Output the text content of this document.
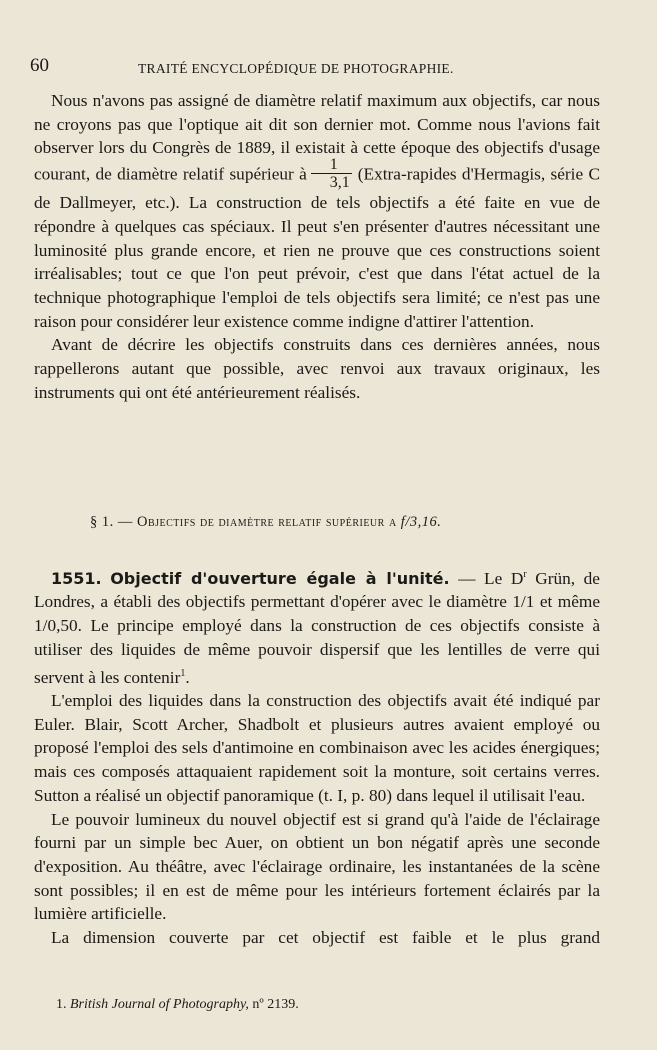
60	TRAITÉ ENCYCLOPÉDIQUE DE PHOTOGRAPHIE.

Nous n'avons pas assigné de diamètre relatif maximum aux objectifs, car nous ne croyons pas que l'optique ait dit son dernier mot. Comme nous l'avions fait observer lors du Congrès de 1889, il existait à cette époque des objectifs d'usage courant, de diamètre relatif supérieur à $\frac{1}{3,1}$ (Extra-rapides d'Hermagis, série C de Dallmeyer, etc.). La construction de tels objectifs a été faite en vue de répondre à quelques cas spéciaux. Il peut s'en présenter d'autres nécessitant une luminosité plus grande encore, et rien ne prouve que ces constructions soient irréalisables; tout ce que l'on peut prévoir, c'est que dans l'état actuel de la technique photographique l'emploi de tels objectifs sera limité; ce n'est pas une raison pour considérer leur existence comme indigne d'attirer l'attention.

Avant de décrire les objectifs construits dans ces dernières années, nous rappellerons autant que possible, avec renvoi aux travaux originaux, les instruments qui ont été antérieurement réalisés.

§ 1. — Objectifs de diamètre relatif supérieur a f/3,16.

1551. Objectif d'ouverture égale à l'unité. — Le $D^r$ Grün, de Londres, a établi des objectifs permettant d'opérer avec le diamètre 1/1 et même 1/0,50. Le principe employé dans la construction de ces objectifs consiste à utiliser des liquides de même pouvoir dispersif que les lentilles de verre qui servent à les contenir$^1$.

L'emploi des liquides dans la construction des objectifs avait été indiqué par Euler. Blair, Scott Archer, Shadbolt et plusieurs autres avaient employé ou proposé l'emploi des sels d'antimoine en combinaison avec les acides énergiques; mais ces composés attaquaient rapidement soit la monture, soit certains verres. Sutton a réalisé un objectif panoramique (t. I, p. 80) dans lequel il utilisait l'eau.

Le pouvoir lumineux du nouvel objectif est si grand qu'à l'aide de l'éclairage fourni par un simple bec Auer, on obtient un bon négatif après une seconde d'exposition. Au théâtre, avec l'éclairage ordinaire, les instantanées de la scène sont possibles; il en est de même pour les intérieurs fortement éclairés par la lumière artificielle.

La dimension couverte par cet objectif est faible et le plus grand

1. British Journal of Photography, nº 2139.
